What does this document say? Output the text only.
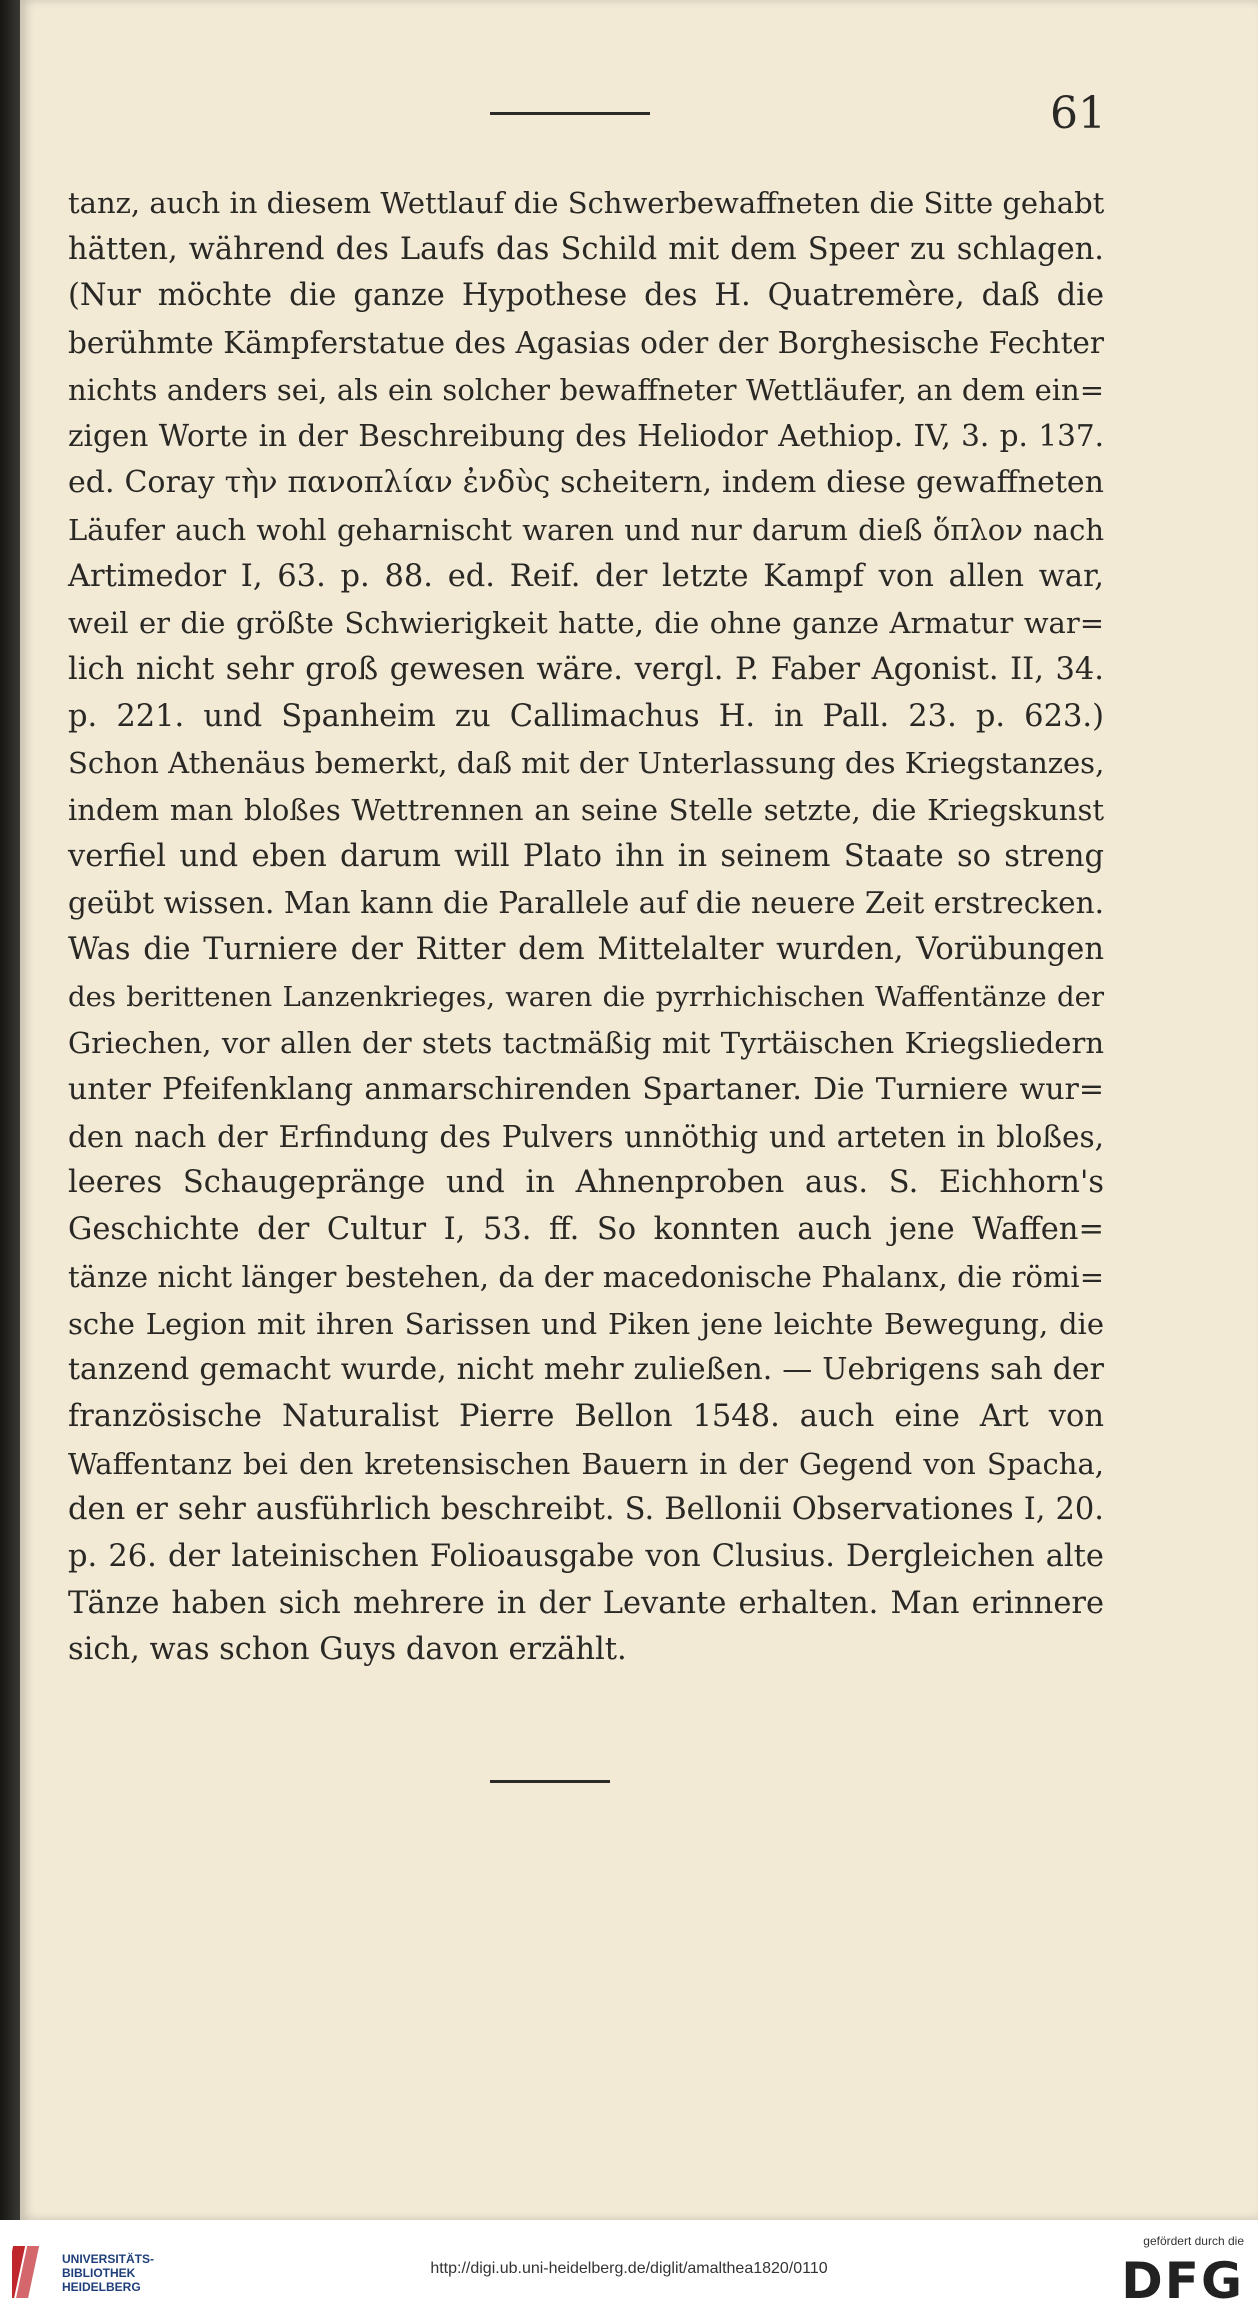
61
tanz, auch in diesem Wettlauf die Schwerbewaffneten die Sitte gehabt
hätten, während des Laufs das Schild mit dem Speer zu schlagen.
(Nur möchte die ganze Hypothese des H. Quatremère, daß die
berühmte Kämpferstatue des Agasias oder der Borghesische Fechter
nichts anders sei, als ein solcher bewaffneter Wettläufer, an dem ein=
zigen Worte in der Beschreibung des Heliodor Aethiop. IV, 3. p. 137.
ed. Coray τὴν πανοπλίαν ἐνδὺς scheitern, indem diese gewaffneten
Läufer auch wohl geharnischt waren und nur darum dieß ὅπλον nach
Artimedor I, 63. p. 88. ed. Reif. der letzte Kampf von allen war,
weil er die größte Schwierigkeit hatte, die ohne ganze Armatur war=
lich nicht sehr groß gewesen wäre. vergl. P. Faber Agonist. II, 34.
p. 221. und Spanheim zu Callimachus H. in Pall. 23. p. 623.)
Schon Athenäus bemerkt, daß mit der Unterlassung des Kriegstanzes,
indem man bloßes Wettrennen an seine Stelle setzte, die Kriegskunst
verfiel und eben darum will Plato ihn in seinem Staate so streng
geübt wissen. Man kann die Parallele auf die neuere Zeit erstrecken.
Was die Turniere der Ritter dem Mittelalter wurden, Vorübungen
des berittenen Lanzenkrieges, waren die pyrrhichischen Waffentänze der
Griechen, vor allen der stets tactmäßig mit Tyrtäischen Kriegsliedern
unter Pfeifenklang anmarschirenden Spartaner. Die Turniere wur=
den nach der Erfindung des Pulvers unnöthig und arteten in bloßes,
leeres Schaugepränge und in Ahnenproben aus. S. Eichhorn's
Geschichte der Cultur I, 53. ff. So konnten auch jene Waffen=
tänze nicht länger bestehen, da der macedonische Phalanx, die römi=
sche Legion mit ihren Sarissen und Piken jene leichte Bewegung, die
tanzend gemacht wurde, nicht mehr zuließen. — Uebrigens sah der
französische Naturalist Pierre Bellon 1548. auch eine Art von
Waffentanz bei den kretensischen Bauern in der Gegend von Spacha,
den er sehr ausführlich beschreibt. S. Bellonii Observationes I, 20.
p. 26. der lateinischen Folioausgabe von Clusius. Dergleichen alte
Tänze haben sich mehrere in der Levante erhalten. Man erinnere
sich, was schon Guys davon erzählt.
UNIVERSITÄTS-
BIBLIOTHEK
HEIDELBERG
http://digi.ub.uni-heidelberg.de/diglit/amalthea1820/0110
gefördert durch die
DFG
